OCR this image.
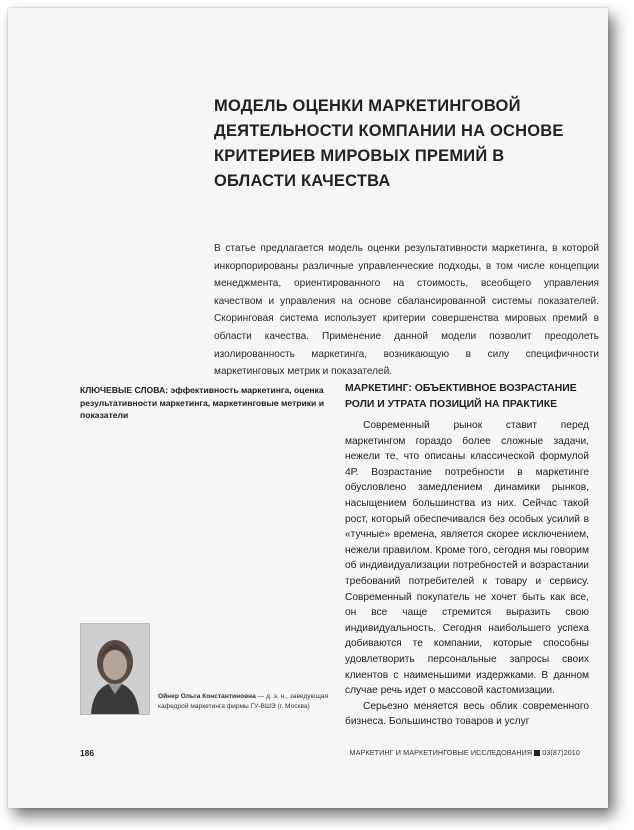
МОДЕЛЬ ОЦЕНКИ МАРКЕТИНГОВОЙ ДЕЯТЕЛЬНОСТИ КОМПАНИИ НА ОСНОВЕ КРИТЕРИЕВ МИРОВЫХ ПРЕМИЙ В ОБЛАСТИ КАЧЕСТВА
В статье предлагается модель оценки результативности маркетинга, в которой инкорпорированы различные управленческие подходы, в том числе концепции менеджмента, ориентированного на стоимость, всеобщего управления качеством и управления на основе сбалансированной системы показателей. Скоринговая система использует критерии совершенства мировых премий в области качества. Применение данной модели позволит преодолеть изолированность маркетинга, возникающую в силу специфичности маркетинговых метрик и показателей.
КЛЮЧЕВЫЕ СЛОВА: эффективность маркетинга, оценка результативности маркетинга, маркетинговые метрики и показатели
МАРКЕТИНГ: ОБЪЕКТИВНОЕ ВОЗРАСТАНИЕ РОЛИ И УТРАТА ПОЗИЦИЙ НА ПРАКТИКЕ

Современный рынок ставит перед маркетингом гораздо более сложные задачи, нежели те, что описаны классической формулой 4Р. Возрастание потребности в маркетинге обусловлено замедлением динамики рынков, насыщением большинства из них. Сейчас такой рост, который обеспечивался без особых усилий в «тучные» времена, является скорее исключением, нежели правилом. Кроме того, сегодня мы говорим об индивидуализации потребностей и возрастании требований потребителей к товару и сервису. Современный покупатель не хочет быть как все, он все чаще стремится выразить свою индивидуальность. Сегодня наибольшего успеха добиваются те компании, которые способны удовлетворить персональные запросы своих клиентов с наименьшими издержками. В данном случае речь идет о массовой кастомизации.

Серьезно меняется весь облик современного бизнеса. Большинство товаров и услуг

Ойнер Ольга Константиновна — д. э. н., заведующая кафедрой маркетинга фирмы ГУ-ВШЭ (г. Москва)
186	МАРКЕТИНГ И МАРКЕТИНГОВЫЕ ИССЛЕДОВАНИЯ 03(87)2010
